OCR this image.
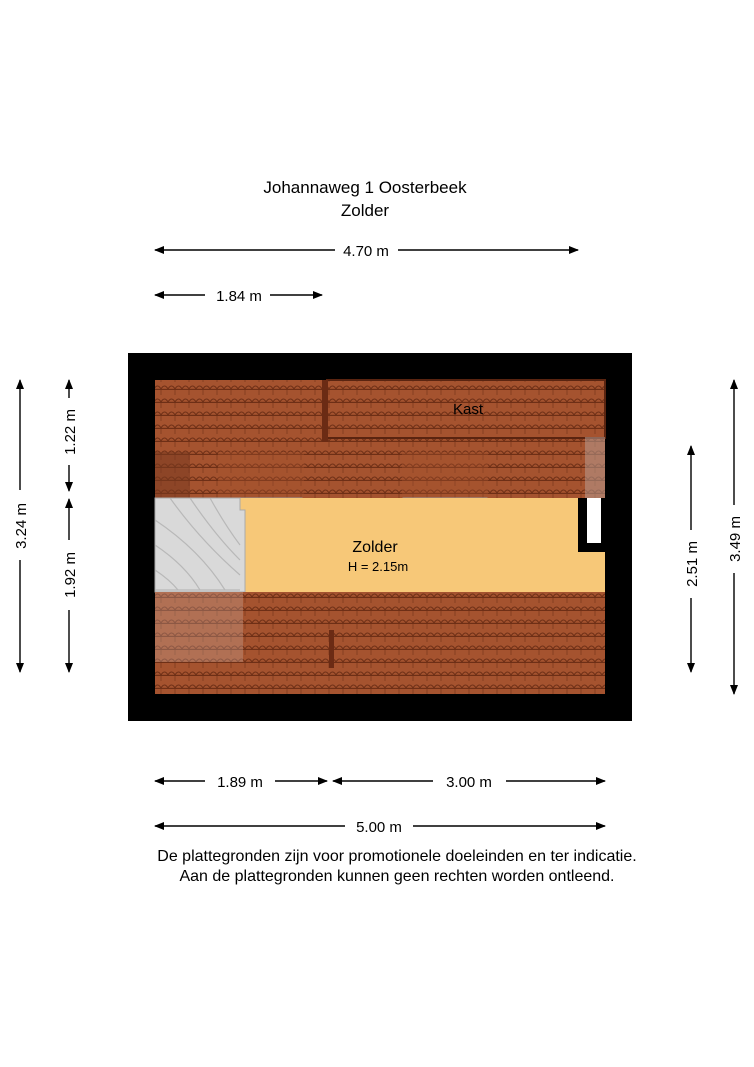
Johannaweg 1 Oosterbeek
Zolder
Zolder
H = 2.15m
Kast
4.70 m
1.84 m
3.24 m
1.22 m
1.92 m	2.51 m
3.49 m
1.89 m	3.00 m
5.00 m
De plattegronden zijn voor promotionele doeleinden en ter indicatie.
Aan de plattegronden kunnen geen rechten worden ontleend.
